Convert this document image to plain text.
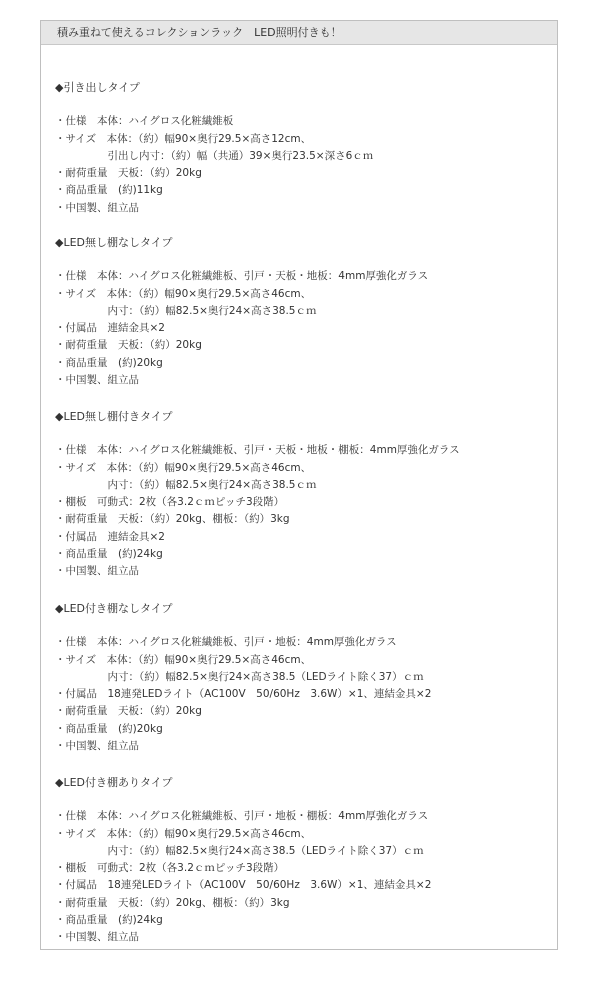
積み重ねて使えるコレクションラック　LED照明付きも！
◆引き出しタイプ
・仕様　本体：ハイグロス化粧繊維板
・サイズ　本体：（約）幅90×奥行29.5×高さ12cm、
　　　　　引出し内寸：（約）幅（共通）39×奥行23.5×深さ6ｃｍ
・耐荷重量　天板：（約）20kg
・商品重量　(約)11kg
・中国製、組立品
◆LED無し棚なしタイプ
・仕様　本体：ハイグロス化粧繊維板、引戸・天板・地板：4mm厚強化ガラス
・サイズ　本体：（約）幅90×奥行29.5×高さ46cm、
　　　　　内寸：（約）幅82.5×奥行24×高さ38.5ｃｍ
・付属品　連結金具×2
・耐荷重量　天板：（約）20kg
・商品重量　(約)20kg
・中国製、組立品
◆LED無し棚付きタイプ
・仕様　本体：ハイグロス化粧繊維板、引戸・天板・地板・棚板：4mm厚強化ガラス
・サイズ　本体：（約）幅90×奥行29.5×高さ46cm、
　　　　　内寸：（約）幅82.5×奥行24×高さ38.5ｃｍ
・棚板　可動式：2枚（各3.2ｃｍピッチ3段階）
・耐荷重量　天板：（約）20kg、棚板：（約）3kg
・付属品　連結金具×2
・商品重量　(約)24kg
・中国製、組立品
◆LED付き棚なしタイプ
・仕様　本体：ハイグロス化粧繊維板、引戸・地板：4mm厚強化ガラス
・サイズ　本体：（約）幅90×奥行29.5×高さ46cm、
　　　　　内寸：（約）幅82.5×奥行24×高さ38.5（LEDライト除く37）ｃｍ
・付属品　18連発LEDライト（AC100V　50/60Hz　3.6W）×1、連結金具×2
・耐荷重量　天板：（約）20kg
・商品重量　(約)20kg
・中国製、組立品
◆LED付き棚ありタイプ
・仕様　本体：ハイグロス化粧繊維板、引戸・地板・棚板：4mm厚強化ガラス
・サイズ　本体：（約）幅90×奥行29.5×高さ46cm、
　　　　　内寸：（約）幅82.5×奥行24×高さ38.5（LEDライト除く37）ｃｍ
・棚板　可動式：2枚（各3.2ｃｍピッチ3段階）
・付属品　18連発LEDライト（AC100V　50/60Hz　3.6W）×1、連結金具×2
・耐荷重量　天板：（約）20kg、棚板：（約）3kg
・商品重量　(約)24kg
・中国製、組立品
